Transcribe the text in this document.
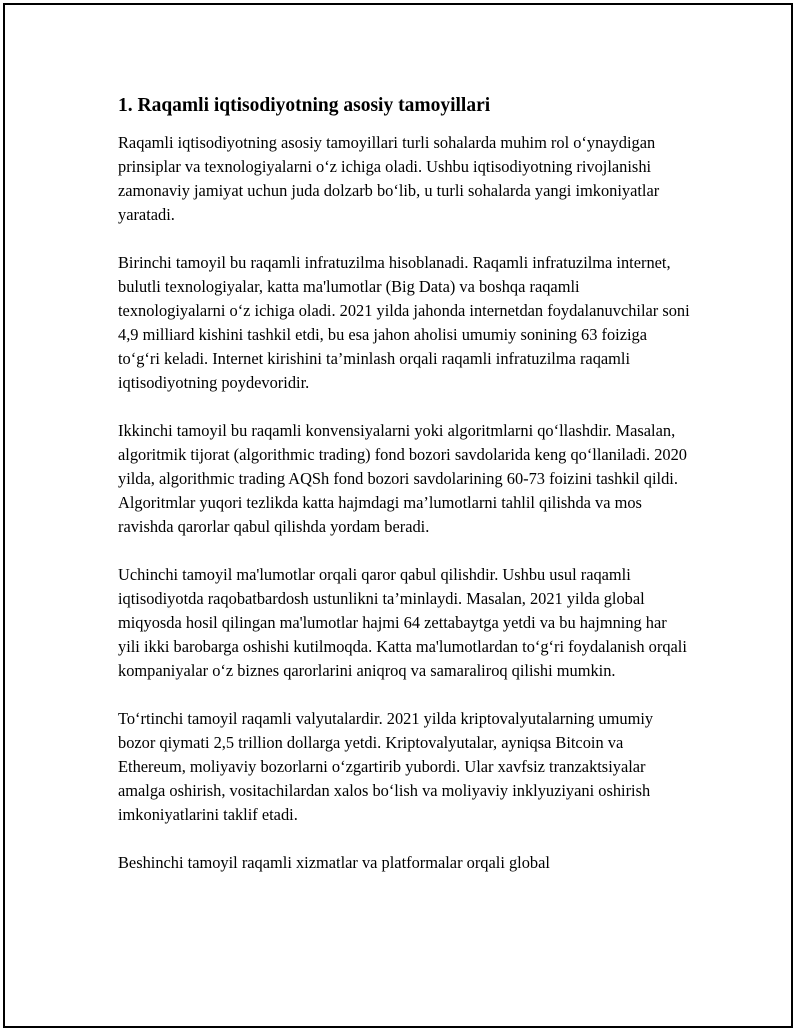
1. Raqamli iqtisodiyotning asosiy tamoyillari

Raqamli iqtisodiyotning asosiy tamoyillari turli sohalarda muhim rol o‘ynaydigan prinsiplar va texnologiyalarni o‘z ichiga oladi. Ushbu iqtisodiyotning rivojlanishi zamonaviy jamiyat uchun juda dolzarb bo‘lib, u turli sohalarda yangi imkoniyatlar yaratadi.

Birinchi tamoyil bu raqamli infratuzilma hisoblanadi. Raqamli infratuzilma internet, bulutli texnologiyalar, katta ma'lumotlar (Big Data) va boshqa raqamli texnologiyalarni o‘z ichiga oladi. 2021 yilda jahonda internetdan foydalanuvchilar soni 4,9 milliard kishini tashkil etdi, bu esa jahon aholisi umumiy sonining 63 foiziga to‘g‘ri keladi. Internet kirishini ta’minlash orqali raqamli infratuzilma raqamli iqtisodiyotning poydevoridir.

Ikkinchi tamoyil bu raqamli konvensiyalarni yoki algoritmlarni qo‘llashdir. Masalan, algoritmik tijorat (algorithmic trading) fond bozori savdolarida keng qo‘llaniladi. 2020 yilda, algorithmic trading AQSh fond bozori savdolarining 60-73 foizini tashkil qildi. Algoritmlar yuqori tezlikda katta hajmdagi ma’lumotlarni tahlil qilishda va mos ravishda qarorlar qabul qilishda yordam beradi.

Uchinchi tamoyil ma'lumotlar orqali qaror qabul qilishdir. Ushbu usul raqamli iqtisodiyotda raqobatbardosh ustunlikni ta’minlaydi. Masalan, 2021 yilda global miqyosda hosil qilingan ma'lumotlar hajmi 64 zettabaytga yetdi va bu hajmning har yili ikki barobarga oshishi kutilmoqda. Katta ma'lumotlardan to‘g‘ri foydalanish orqali kompaniyalar o‘z biznes qarorlarini aniqroq va samaraliroq qilishi mumkin.

To‘rtinchi tamoyil raqamli valyutalardir. 2021 yilda kriptovalyutalarning umumiy bozor qiymati 2,5 trillion dollarga yetdi. Kriptovalyutalar, ayniqsa Bitcoin va Ethereum, moliyaviy bozorlarni o‘zgartirib yubordi. Ular xavfsiz tranzaktsiyalar amalga oshirish, vositachilardan xalos bo‘lish va moliyaviy inklyuziyani oshirish imkoniyatlarini taklif etadi.

Beshinchi tamoyil raqamli xizmatlar va platformalar orqali global
